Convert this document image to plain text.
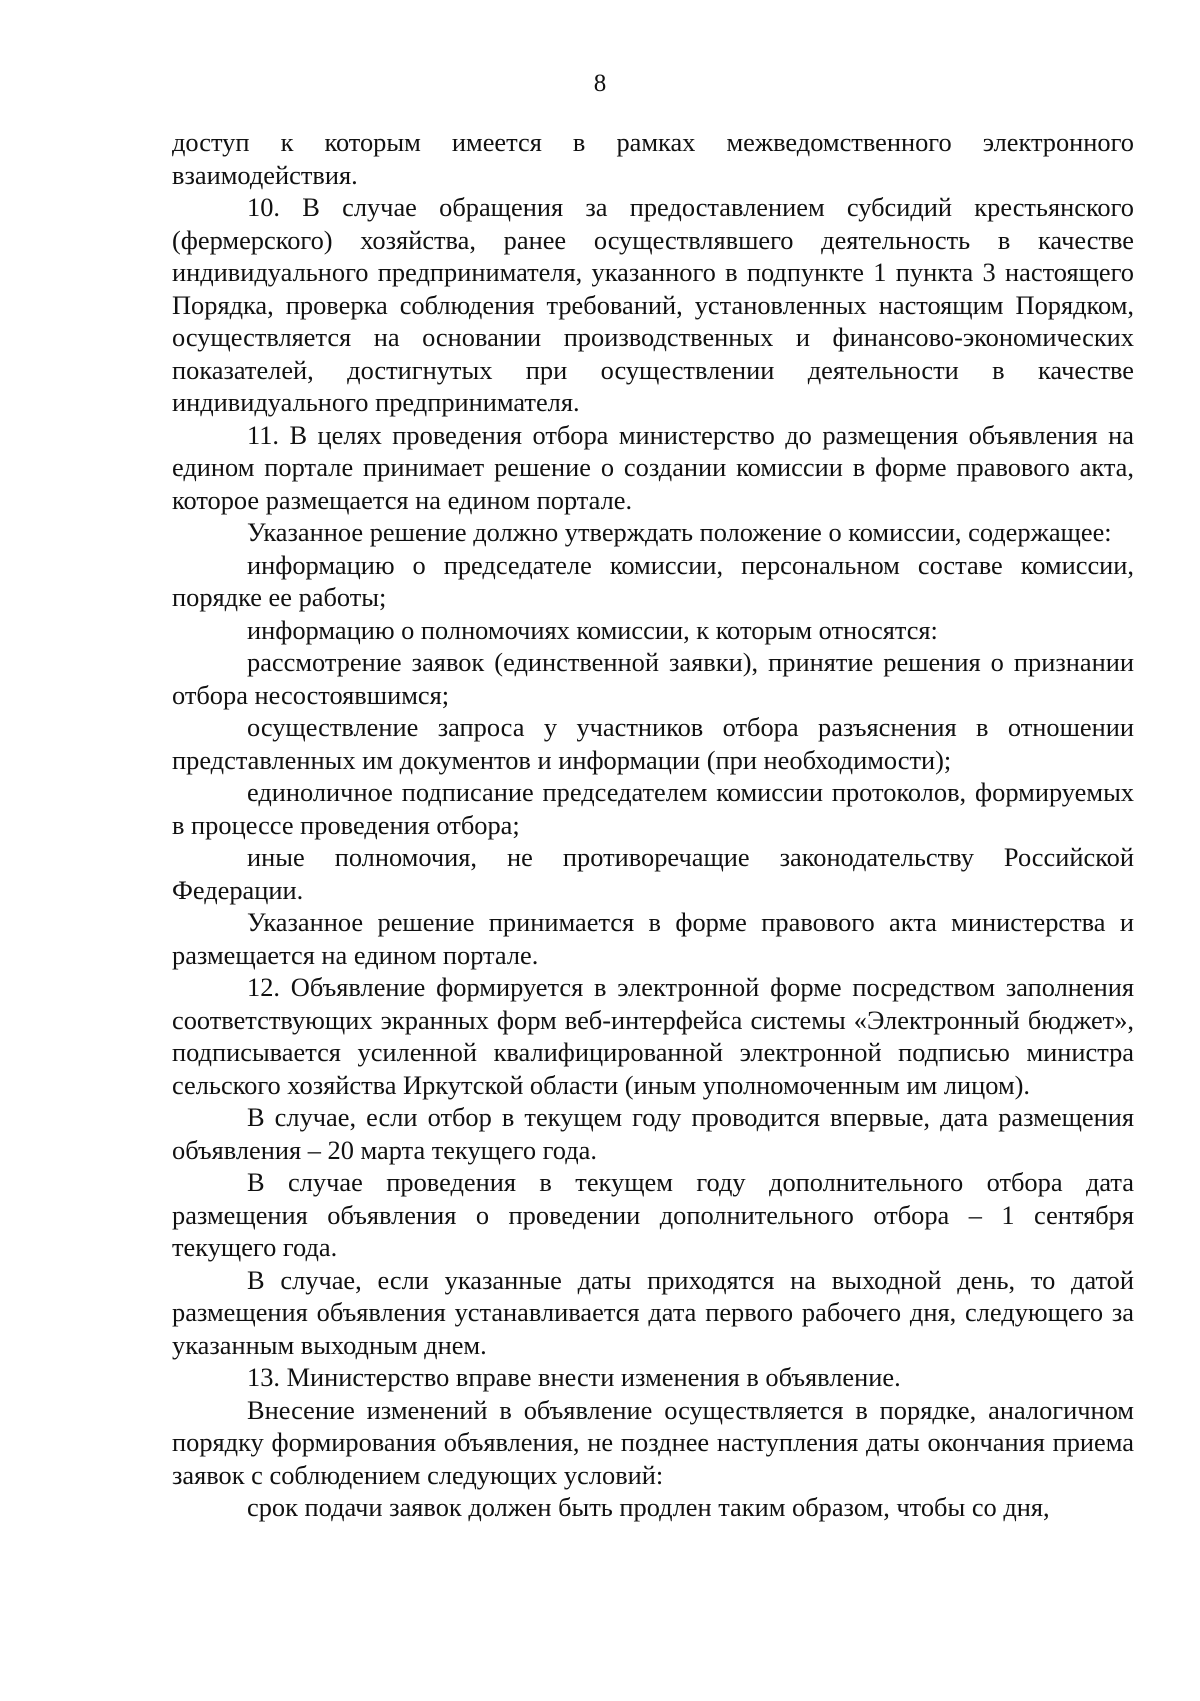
8

доступ к которым имеется в рамках межведомственного электронного взаимодействия.

10. В случае обращения за предоставлением субсидий крестьянского (фермерского) хозяйства, ранее осуществлявшего деятельность в качестве индивидуального предпринимателя, указанного в подпункте 1 пункта 3 настоящего Порядка, проверка соблюдения требований, установленных настоящим Порядком, осуществляется на основании производственных и финансово-экономических показателей, достигнутых при осуществлении деятельности в качестве индивидуального предпринимателя.

11. В целях проведения отбора министерство до размещения объявления на едином портале принимает решение о создании комиссии в форме правового акта, которое размещается на едином портале.

Указанное решение должно утверждать положение о комиссии, содержащее:

информацию о председателе комиссии, персональном составе комиссии, порядке ее работы;

информацию о полномочиях комиссии, к которым относятся:

рассмотрение заявок (единственной заявки), принятие решения о признании отбора несостоявшимся;

осуществление запроса у участников отбора разъяснения в отношении представленных им документов и информации (при необходимости);

единоличное подписание председателем комиссии протоколов, формируемых в процессе проведения отбора;

иные полномочия, не противоречащие законодательству Российской Федерации.

Указанное решение принимается в форме правового акта министерства и размещается на едином портале.

12. Объявление формируется в электронной форме посредством заполнения соответствующих экранных форм веб-интерфейса системы «Электронный бюджет», подписывается усиленной квалифицированной электронной подписью министра сельского хозяйства Иркутской области (иным уполномоченным им лицом).

В случае, если отбор в текущем году проводится впервые, дата размещения объявления – 20 марта текущего года.

В случае проведения в текущем году дополнительного отбора дата размещения объявления о проведении дополнительного отбора – 1 сентября текущего года.

В случае, если указанные даты приходятся на выходной день, то датой размещения объявления устанавливается дата первого рабочего дня, следующего за указанным выходным днем.

13. Министерство вправе внести изменения в объявление.

Внесение изменений в объявление осуществляется в порядке, аналогичном порядку формирования объявления, не позднее наступления даты окончания приема заявок с соблюдением следующих условий:

срок подачи заявок должен быть продлен таким образом, чтобы со дня,
